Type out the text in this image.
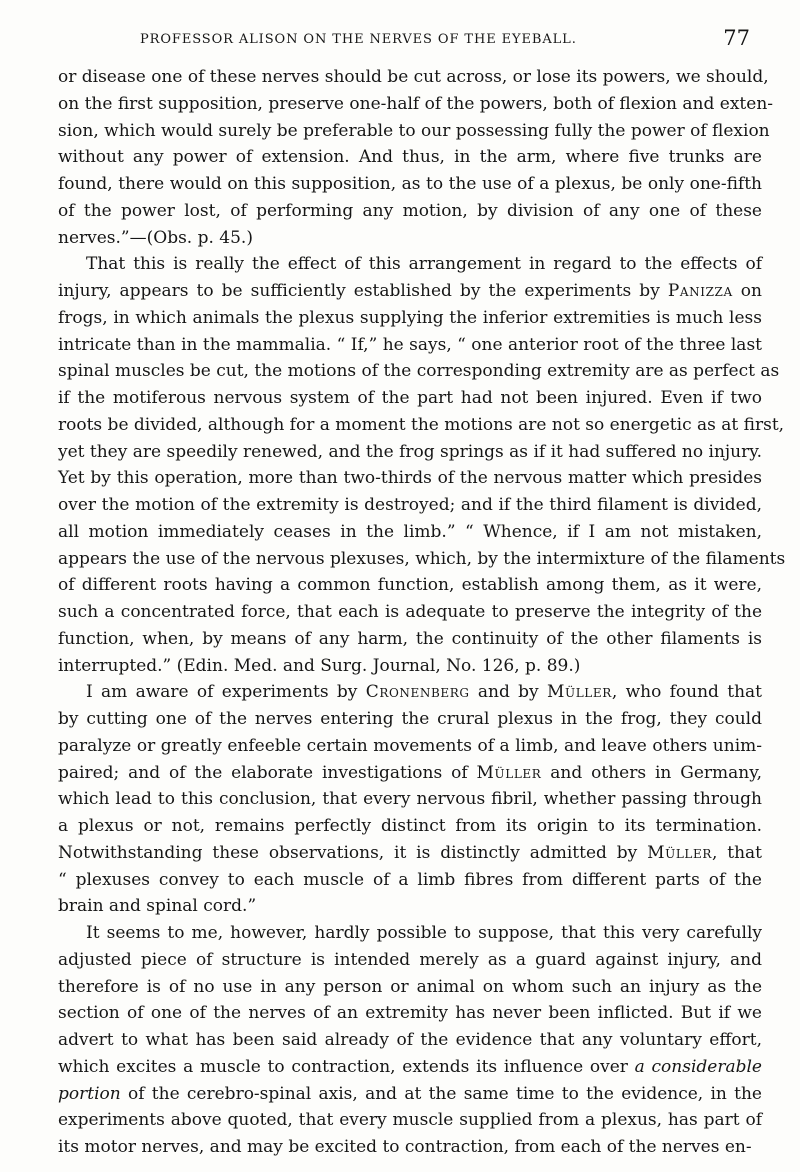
PROFESSOR ALISON ON THE NERVES OF THE EYEBALL.	77
or disease one of these nerves should be cut across, or lose its powers, we should,
on the first supposition, preserve one-half of the powers, both of flexion and exten-
sion, which would surely be preferable to our possessing fully the power of flexion
without any power of extension. And thus, in the arm, where five trunks are
found, there would on this supposition, as to the use of a plexus, be only one-fifth
of the power lost, of performing any motion, by division of any one of these
nerves.”—(Obs. p. 45.)
That this is really the effect of this arrangement in regard to the effects of
injury, appears to be sufficiently established by the experiments by Panizza on
frogs, in which animals the plexus supplying the inferior extremities is much less
intricate than in the mammalia. “ If,” he says, “ one anterior root of the three last
spinal muscles be cut, the motions of the corresponding extremity are as perfect as
if the motiferous nervous system of the part had not been injured. Even if two
roots be divided, although for a moment the motions are not so energetic as at first,
yet they are speedily renewed, and the frog springs as if it had suffered no injury.
Yet by this operation, more than two-thirds of the nervous matter which presides
over the motion of the extremity is destroyed; and if the third filament is divided,
all motion immediately ceases in the limb.” “ Whence, if I am not mistaken,
appears the use of the nervous plexuses, which, by the intermixture of the filaments
of different roots having a common function, establish among them, as it were,
such a concentrated force, that each is adequate to preserve the integrity of the
function, when, by means of any harm, the continuity of the other filaments is
interrupted.” (Edin. Med. and Surg. Journal, No. 126, p. 89.)
I am aware of experiments by Cronenberg and by Müller, who found that
by cutting one of the nerves entering the crural plexus in the frog, they could
paralyze or greatly enfeeble certain movements of a limb, and leave others unim-
paired; and of the elaborate investigations of Müller and others in Germany,
which lead to this conclusion, that every nervous fibril, whether passing through
a plexus or not, remains perfectly distinct from its origin to its termination.
Notwithstanding these observations, it is distinctly admitted by Müller, that
“ plexuses convey to each muscle of a limb fibres from different parts of the
brain and spinal cord.”
It seems to me, however, hardly possible to suppose, that this very carefully
adjusted piece of structure is intended merely as a guard against injury, and
therefore is of no use in any person or animal on whom such an injury as the
section of one of the nerves of an extremity has never been inflicted. But if we
advert to what has been said already of the evidence that any voluntary effort,
which excites a muscle to contraction, extends its influence over a considerable
portion of the cerebro-spinal axis, and at the same time to the evidence, in the
experiments above quoted, that every muscle supplied from a plexus, has part of
its motor nerves, and may be excited to contraction, from each of the nerves en-
